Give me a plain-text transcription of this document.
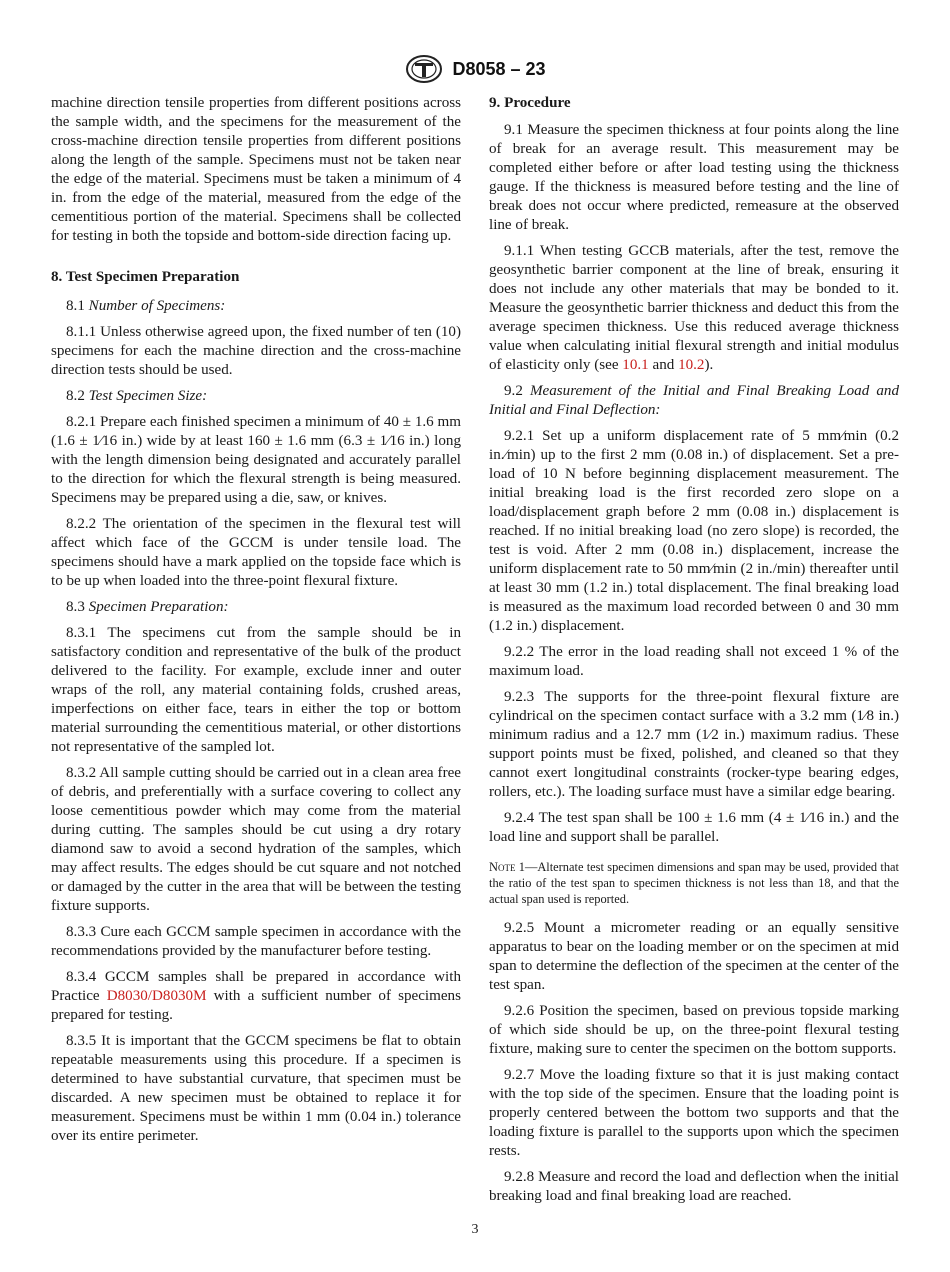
D8058 – 23

machine direction tensile properties from different positions across the sample width, and the specimens for the measurement of the cross-machine direction tensile properties from different positions along the length of the sample. Specimens must not be taken near the edge of the material. Specimens must be taken a minimum of 4 in. from the edge of the material, measured from the edge of the cementitious portion of the material. Specimens shall be collected for testing in both the topside and bottom-side direction facing up.

8. Test Specimen Preparation

8.1 Number of Specimens:

8.1.1 Unless otherwise agreed upon, the fixed number of ten (10) specimens for each the machine direction and the cross-machine direction tests should be used.

8.2 Test Specimen Size:

8.2.1 Prepare each finished specimen a minimum of 40 ± 1.6 mm (1.6 ± 1⁄16 in.) wide by at least 160 ± 1.6 mm (6.3 ± 1⁄16 in.) long with the length dimension being designated and accurately parallel to the direction for which the flexural strength is being measured. Specimens may be prepared using a die, saw, or knives.

8.2.2 The orientation of the specimen in the flexural test will affect which face of the GCCM is under tensile load. The specimens should have a mark applied on the topside face which is to be up when loaded into the three-point flexural fixture.

8.3 Specimen Preparation:

8.3.1 The specimens cut from the sample should be in satisfactory condition and representative of the bulk of the product delivered to the facility. For example, exclude inner and outer wraps of the roll, any material containing folds, crushed areas, imperfections on either face, tears in either the top or bottom material surrounding the cementitious material, or other distortions not representative of the sampled lot.

8.3.2 All sample cutting should be carried out in a clean area free of debris, and preferentially with a surface covering to collect any loose cementitious powder which may come from the material during cutting. The samples should be cut using a dry rotary diamond saw to avoid a second hydration of the samples, which may affect results. The edges should be cut square and not notched or damaged by the cutter in the area that will be between the testing fixture supports.

8.3.3 Cure each GCCM sample specimen in accordance with the recommendations provided by the manufacturer before testing.

8.3.4 GCCM samples shall be prepared in accordance with Practice D8030/D8030M with a sufficient number of specimens prepared for testing.

8.3.5 It is important that the GCCM specimens be flat to obtain repeatable measurements using this procedure. If a specimen is determined to have substantial curvature, that specimen must be discarded. A new specimen must be obtained to replace it for measurement. Specimens must be within 1 mm (0.04 in.) tolerance over its entire perimeter.

9. Procedure

9.1 Measure the specimen thickness at four points along the line of break for an average result. This measurement may be completed either before or after load testing using the thickness gauge. If the thickness is measured before testing and the line of break does not occur where predicted, remeasure at the observed line of break.

9.1.1 When testing GCCB materials, after the test, remove the geosynthetic barrier component at the line of break, ensuring it does not include any other materials that may be bonded to it. Measure the geosynthetic barrier thickness and deduct this from the average specimen thickness. Use this reduced average thickness value when calculating initial flexural strength and initial modulus of elasticity only (see 10.1 and 10.2).

9.2 Measurement of the Initial and Final Breaking Load and Initial and Final Deflection:

9.2.1 Set up a uniform displacement rate of 5 mm⁄min (0.2 in.⁄min) up to the first 2 mm (0.08 in.) of displacement. Set a pre-load of 10 N before beginning displacement measurement. The initial breaking load is the first recorded zero slope on a load/displacement graph before 2 mm (0.08 in.) displacement is reached. If no initial breaking load (no zero slope) is recorded, the test is void. After 2 mm (0.08 in.) displacement, increase the uniform displacement rate to 50 mm⁄min (2 in./min) thereafter until at least 30 mm (1.2 in.) total displacement. The final breaking load is measured as the maximum load recorded between 0 and 30 mm (1.2 in.) displacement.

9.2.2 The error in the load reading shall not exceed 1 % of the maximum load.

9.2.3 The supports for the three-point flexural fixture are cylindrical on the specimen contact surface with a 3.2 mm (1⁄8 in.) minimum radius and a 12.7 mm (1⁄2 in.) maximum radius. These support points must be fixed, polished, and cleaned so that they cannot exert longitudinal constraints (rocker-type bearing edges, rollers, etc.). The loading surface must have a similar edge bearing.

9.2.4 The test span shall be 100 ± 1.6 mm (4 ± 1⁄16 in.) and the load line and support shall be parallel.

Note 1—Alternate test specimen dimensions and span may be used, provided that the ratio of the test span to specimen thickness is not less than 18, and that the actual span used is reported.

9.2.5 Mount a micrometer reading or an equally sensitive apparatus to bear on the loading member or on the specimen at mid span to determine the deflection of the specimen at the center of the test span.

9.2.6 Position the specimen, based on previous topside marking of which side should be up, on the three-point flexural testing fixture, making sure to center the specimen on the bottom supports.

9.2.7 Move the loading fixture so that it is just making contact with the top side of the specimen. Ensure that the loading point is properly centered between the bottom two supports and that the loading fixture is parallel to the supports upon which the specimen rests.

9.2.8 Measure and record the load and deflection when the initial breaking load and final breaking load are reached.

3
